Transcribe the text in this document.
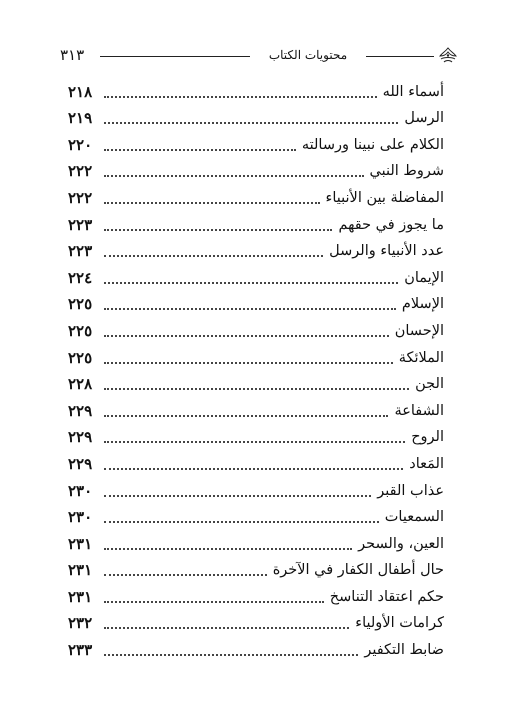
٣١٣	محتويات الكتاب
٢١٨	أسماء الله
٢١٩	الرسل
٢٢٠	الكلام على نبينا ورسالته
٢٢٢	شروط النبي
٢٢٢	المفاضلة بين الأنبياء
٢٢٣	ما يجوز في حقهم
٢٢٣	عدد الأنبياء والرسل
٢٢٤	الإيمان
٢٢٥	الإسلام
٢٢٥	الإحسان
٢٢٥	الملائكة
٢٢٨	الجن
٢٢٩	الشفاعة
٢٢٩	الروح
٢٢٩	المَعاد
٢٣٠	عذاب القبر
٢٣٠	السمعيات
٢٣١	العين، والسحر
٢٣١	حال أطفال الكفار في الآخرة
٢٣١	حكم اعتقاد التناسخ
٢٣٢	كرامات الأولياء
٢٣٣	ضابط التكفير
